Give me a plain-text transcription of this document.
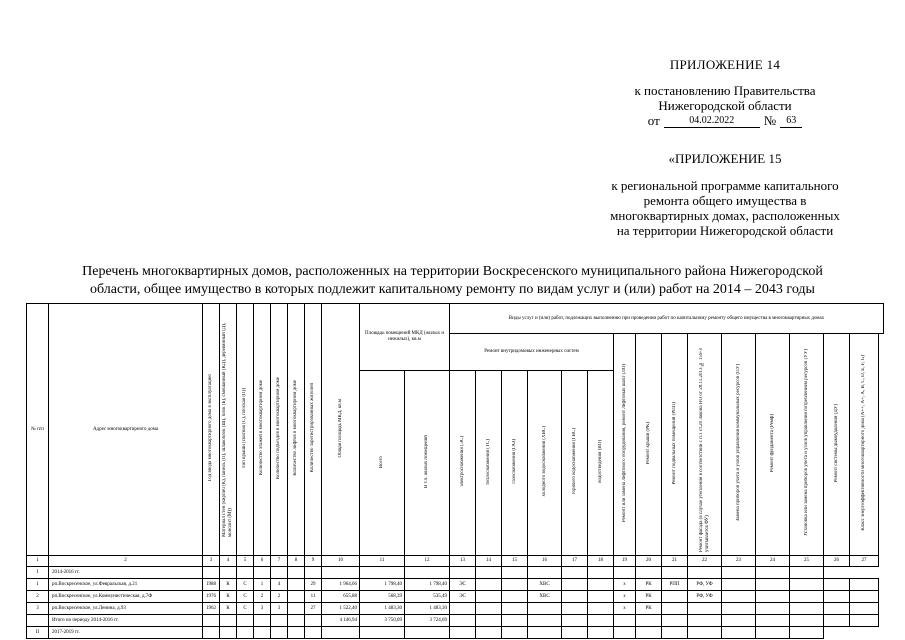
ПРИЛОЖЕНИЕ 14
к постановлению Правительства
Нижегородской области
от	04.02.2022	№	63
«ПРИЛОЖЕНИЕ 15
к региональной программе капитального
ремонта общего имущества в
многоквартирных домах, расположенных
на территории Нижегородской области
Перечень многоквартирных домов, расположенных на территории Воскресенского муниципального района Нижегородской
области, общее имущество в которых подлежит капитальному ремонту по видам услуг и (или) работ на 2014 – 2043 годы
№ п/п	Адрес многоквартирного дома	Год ввода многоквартирного дома в эксплуатацию	Материал стен (кирпич (К), панель (П), шлакоблок (Ш), блок (Б), смешанный (КД), деревянный (Д), монолит (М))	Тип крыши (скатная (С), плоская (П))	Количество этажей в многоквартирном доме	Количество подъездов в многоквартирном доме	Количество лифтов в многоквартирном доме	Количество зарегистрированных жителей	Общая площадь МКД, кв.м	Площадь помещений МКД (жилых и нежилых), кв.м		Виды услуг и (или) работ, подлежащих выполнению при проведении работ по капитальному ремонту общего имущества в многоквартирных домах														
												Ремонт внутридомовых инженерных систем						Ремонт или замена лифтового оборудования, ремонт лифтовых шахт (ЛО)	Ремонт крыши (РК)	Ремонт подвальных помещений (РПП)	Ремонт фасада (в случае утепления в соответствии с п.1 ст.20 Закона НО от 28.11.2013 № 159-З учитывается ФУ)	Замена приборов учета и узлов управления коммунальных ресурсов (ПУ)	Ремонт фундамента (Ремф)	Установка или замена приборов учета и узлов управления потреблением ресурсов (УУ)	Ремонт системы дымоудаления (ДУ)	Класс энергоэффективности многоквартирного дома (А++, А+, А, В, С, D, E, F, G)
										Всего	В т.ч. жилых помещений	электроснабжения (ЭС)	теплоснабжения (ТС)	газоснабжения (ГАЗ)	холодного водоснабжения (ХВС)	горячего водоснабжения (ГВС)	водоотведения (ВО)									
1	2	3	4	5	6	7	8	9	10	11	12	13	14	15	16	17	18	19	20	21	22	23	24	25	26	27
I	2014-2016 гг.																									
1	рп.Воскресенское, ул.Февральская, д.21	1988	К	С	1	4		29	1 964,66	1 798,40	1 798,40	ЭС			ХВС			х	РК	РПП	РФ, УФ					
2	рп.Воскресенское, ул.Коммунистическая, д.7Ф	1976	К	С	2	2		11	655,88	568,39	535,49	ЭС			ХВС			х	РК		РФ, УФ					
3	рп.Воскресенское, ул.Ленина, д.93	1962	К	С	3	3		27	1 522,40	1 483,30	1 483,30							х	РК							
	Итого по периоду 2014-2016 гг.								4 146,94	3 750,09	3 724,69															
II	2017-2019 гг.																									
